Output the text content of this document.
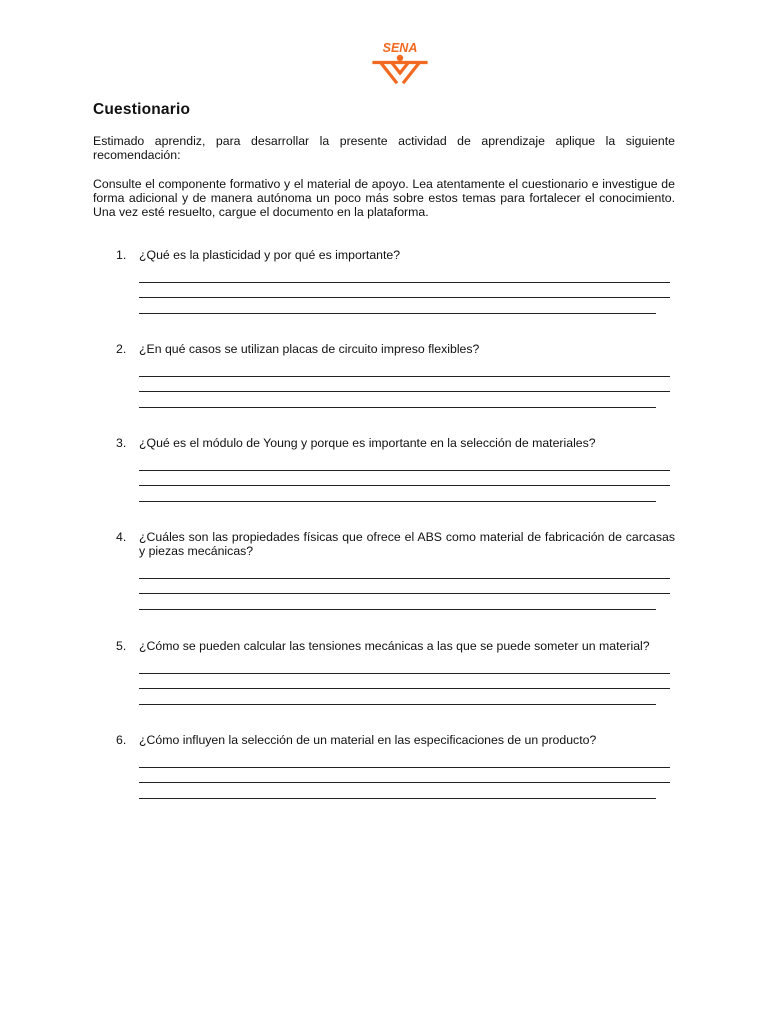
SENA
Cuestionario

Estimado aprendiz, para desarrollar la presente actividad de aprendizaje aplique la siguiente recomendación:

Consulte el componente formativo y el material de apoyo. Lea atentamente el cuestionario e investigue de forma adicional y de manera autónoma un poco más sobre estos temas para fortalecer el conocimiento. Una vez esté resuelto, cargue el documento en la plataforma.

1.	¿Qué es la plasticidad y por qué es importante?
2.	¿En qué casos se utilizan placas de circuito impreso flexibles?
3.	¿Qué es el módulo de Young y porque es importante en la selección de materiales?
4.	¿Cuáles son las propiedades físicas que ofrece el ABS como material de fabricación de carcasas y piezas mecánicas?
5.	¿Cómo se pueden calcular las tensiones mecánicas a las que se puede someter un material?
6.	¿Cómo influyen la selección de un material en las especificaciones de un producto?
